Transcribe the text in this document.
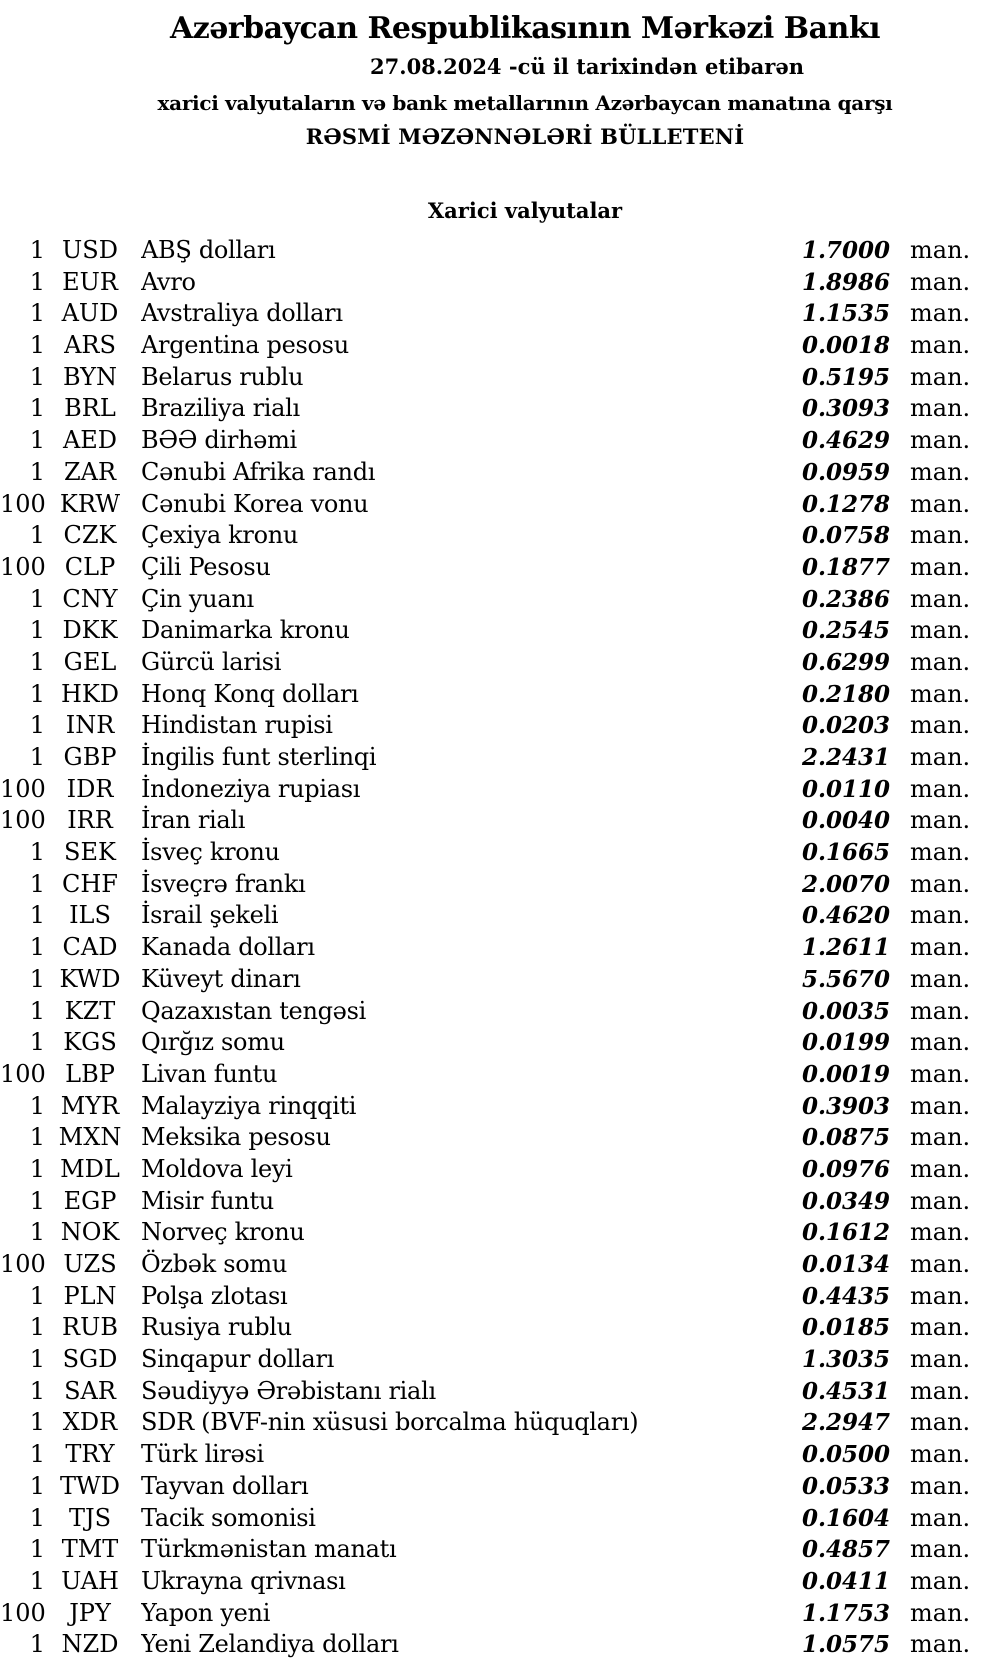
Azərbaycan Respublikasının Mərkəzi Bankı
27.08.2024 -cü il tarixindən etibarən
xarici valyutaların və bank metallarının Azərbaycan manatına qarşı
RƏSMİ MƏZƏNNƏLƏRİ BÜLLETENİ
Xarici valyutalar
1 USD ABŞ dolları	1.7000 man.
1 EUR Avro	1.8986 man.
1 AUD Avstraliya dolları	1.1535 man.
1 ARS	Argentina pesosu	0.0018 man.
1 BYN Belarus rublu	0.5195 man.
1 BRL	Braziliya rialı	0.3093 man.
1 AED BƏƏ dirhəmi	0.4629 man.
1 ZAR	Cənubi Afrika randı	0.0959 man.
100 KRW Cənubi Korea vonu	0.1278 man.
1 CZK	Çexiya kronu	0.0758 man.
100 CLP	Çili Pesosu	0.1877 man.
1 CNY Çin yuanı	0.2386 man.
1 DKK Danimarka kronu	0.2545 man.
1 GEL	Gürcü larisi	0.6299 man.
1 HKD Honq Konq dolları	0.2180 man.
1 INR	Hindistan rupisi	0.0203 man.
1 GBP	İngilis funt sterlinqi	2.2431 man.
100 IDR	İndoneziya rupiası	0.0110 man.
100 IRR	İran rialı	0.0040 man.
1 SEK	İsveç kronu	0.1665 man.
1 CHF İsveçrə frankı	2.0070 man.
1	ILS	İsrail şekeli	0.4620 man.
1 CAD Kanada dolları	1.2611 man.
1 KWD Küveyt dinarı	5.5670 man.
1 KZT	Qazaxıstan tengəsi	0.0035 man.
1 KGS	Qırğız somu	0.0199 man.
100 LBP	Livan funtu	0.0019 man.
1 MYR Malayziya rinqqiti	0.3903 man.
1 MXN Meksika pesosu	0.0875 man.
1 MDL Moldova leyi	0.0976 man.
1 EGP	Misir funtu	0.0349 man.
1 NOK Norveç kronu	0.1612 man.
100 UZS	Özbək somu	0.0134 man.
1 PLN	Polşa zlotası	0.4435 man.
1 RUB Rusiya rublu	0.0185 man.
1 SGD Sinqapur dolları	1.3035 man.
1 SAR	Səudiyyə Ərəbistanı rialı	0.4531 man.
1 XDR SDR (BVF-nin xüsusi borcalma hüquqları)	2.2947 man.
1 TRY	Türk lirəsi	0.0500 man.
1 TWD Tayvan dolları	0.0533 man.
1 TJS	Tacik somonisi	0.1604 man.
1 TMT Türkmənistan manatı	0.4857 man.
1 UAH Ukrayna qrivnası	0.0411 man.
100 JPY	Yapon yeni	1.1753 man.
1 NZD Yeni Zelandiya dolları	1.0575 man.
